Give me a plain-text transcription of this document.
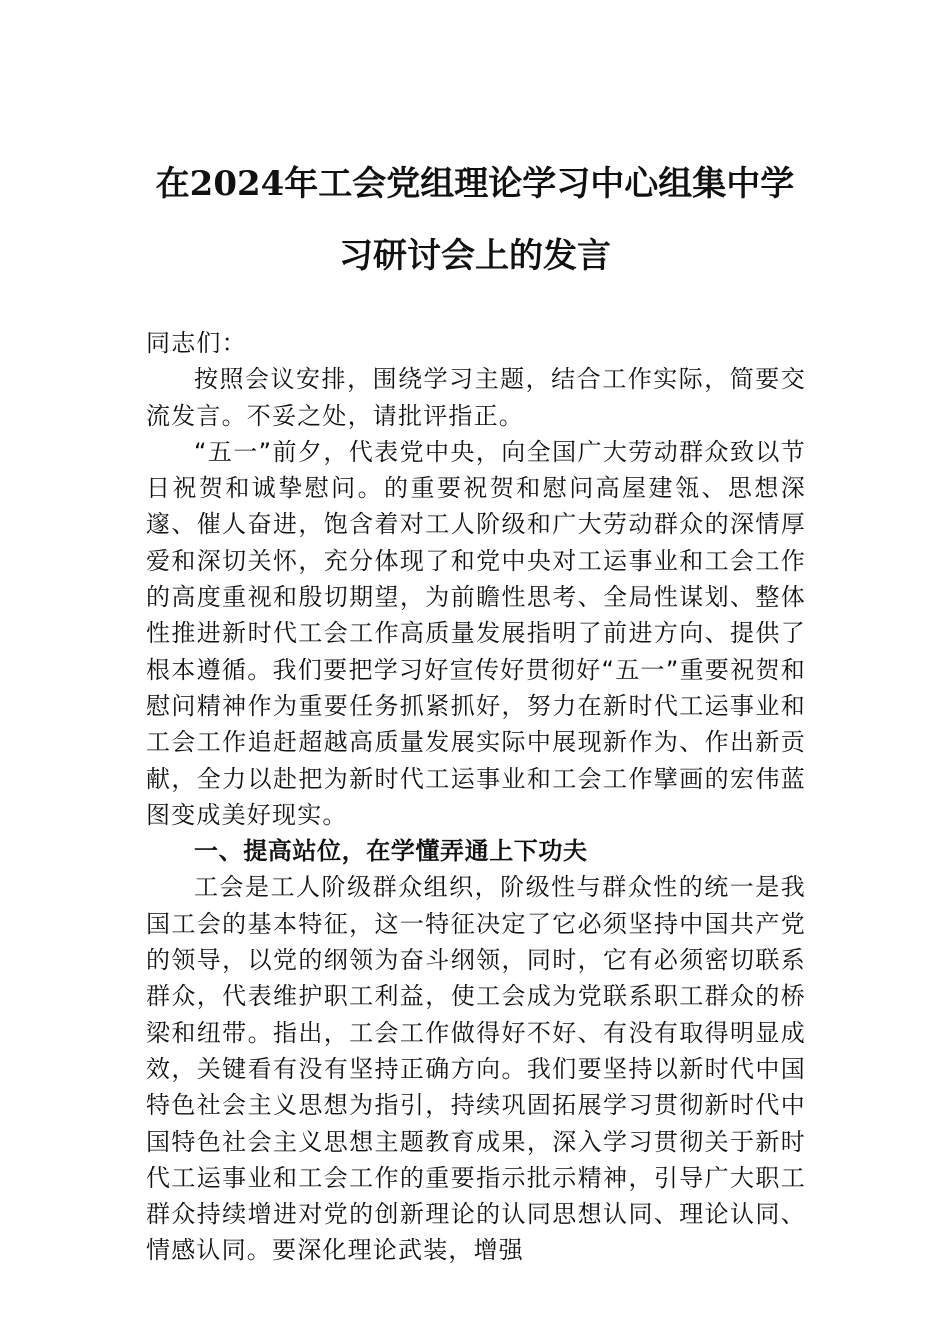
在2024年工会党组理论学习中心组集中学
习研讨会上的发言

同志们：

按照会议安排，围绕学习主题，结合工作实际，简要交流发言。不妥之处，请批评指正。

“五一”前夕，代表党中央，向全国广大劳动群众致以节日祝贺和诚挚慰问。的重要祝贺和慰问高屋建瓴、思想深邃、催人奋进，饱含着对工人阶级和广大劳动群众的深情厚爱和深切关怀，充分体现了和党中央对工运事业和工会工作的高度重视和殷切期望，为前瞻性思考、全局性谋划、整体性推进新时代工会工作高质量发展指明了前进方向、提供了根本遵循。我们要把学习好宣传好贯彻好“五一”重要祝贺和慰问精神作为重要任务抓紧抓好，努力在新时代工运事业和工会工作追赶超越高质量发展实际中展现新作为、作出新贡献，全力以赴把为新时代工运事业和工会工作擘画的宏伟蓝图变成美好现实。

一、提高站位，在学懂弄通上下功夫

工会是工人阶级群众组织，阶级性与群众性的统一是我国工会的基本特征，这一特征决定了它必须坚持中国共产党的领导，以党的纲领为奋斗纲领，同时，它有必须密切联系群众，代表维护职工利益，使工会成为党联系职工群众的桥梁和纽带。指出，工会工作做得好不好、有没有取得明显成效，关键看有没有坚持正确方向。我们要坚持以新时代中国特色社会主义思想为指引，持续巩固拓展学习贯彻新时代中国特色社会主义思想主题教育成果，深入学习贯彻关于新时代工运事业和工会工作的重要指示批示精神，引导广大职工群众持续增进对党的创新理论的认同思想认同、理论认同、情感认同。要深化理论武装，增强
